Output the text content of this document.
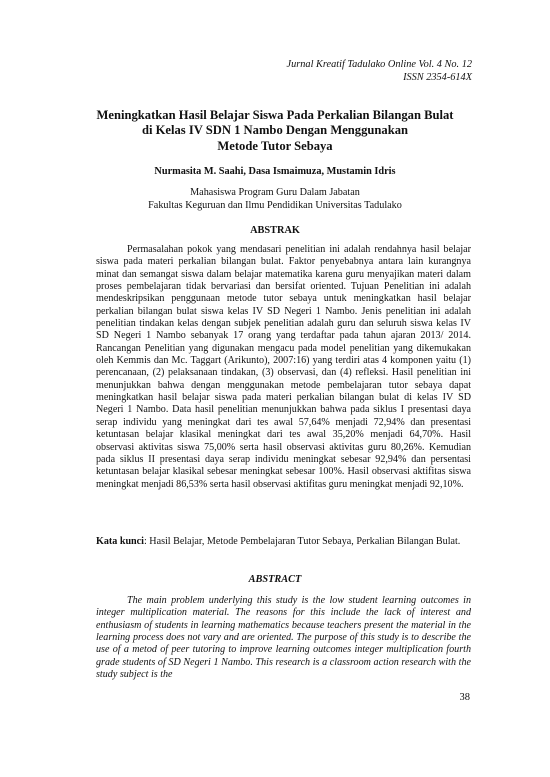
Jurnal Kreatif Tadulako Online Vol. 4 No. 12
ISSN 2354-614X
Meningkatkan Hasil Belajar Siswa Pada Perkalian Bilangan Bulat
di Kelas IV SDN 1 Nambo Dengan Menggunakan
Metode Tutor Sebaya
Nurmasita M. Saahi, Dasa Ismaimuza, Mustamin Idris
Mahasiswa Program Guru Dalam Jabatan
Fakultas Keguruan dan Ilmu Pendidikan Universitas Tadulako
ABSTRAK

Permasalahan pokok yang mendasari penelitian ini adalah rendahnya hasil belajar siswa pada materi perkalian bilangan bulat. Faktor penyebabnya antara lain kurangnya minat dan semangat siswa dalam belajar matematika karena guru menyajikan materi dalam proses pembelajaran tidak bervariasi dan bersifat oriented. Tujuan Penelitian ini adalah mendeskripsikan penggunaan metode tutor sebaya untuk meningkatkan hasil belajar perkalian bilangan bulat siswa kelas IV SD Negeri 1 Nambo. Jenis penelitian ini adalah penelitian tindakan kelas dengan subjek penelitian adalah guru dan seluruh siswa kelas IV SD Negeri 1 Nambo sebanyak 17 orang yang terdaftar pada tahun ajaran 2013/ 2014. Rancangan Penelitian yang digunakan mengacu pada model penelitian yang dikemukakan oleh Kemmis dan Mc. Taggart (Arikunto), 2007:16) yang terdiri atas 4 komponen yaitu (1) perencanaan, (2) pelaksanaan tindakan, (3) observasi, dan (4) refleksi. Hasil penelitian ini menunjukkan bahwa dengan menggunakan metode pembelajaran tutor sebaya dapat meningkatkan hasil belajar siswa pada materi perkalian bilangan bulat di kelas IV SD Negeri 1 Nambo. Data hasil penelitian menunjukkan bahwa pada siklus I presentasi daya serap individu yang meningkat dari tes awal 57,64% menjadi 72,94% dan presentasi ketuntasan belajar klasikal meningkat dari tes awal 35,20% menjadi 64,70%. Hasil observasi aktivitas siswa 75,00% serta hasil observasi aktivitas guru 80,26%. Kemudian pada siklus II presentasi daya serap individu meningkat sebesar 92,94% dan persentasi ketuntasan belajar klasikal sebesar meningkat sebesar 100%. Hasil observasi aktifitas siswa meningkat menjadi 86,53% serta hasil observasi aktifitas guru meningkat menjadi 92,10%.

Kata kunci: Hasil Belajar, Metode Pembelajaran Tutor Sebaya, Perkalian Bilangan Bulat.

ABSTRACT

The main problem underlying this study is the low student learning outcomes in integer multiplication material. The reasons for this include the lack of interest and enthusiasm of students in learning mathematics because teachers present the material in the learning process does not vary and are oriented. The purpose of this study is to describe the use of a metod of peer tutoring to improve learning outcomes integer multiplication fourth grade students of SD Negeri 1 Nambo. This research is a classroom action research with the study subject is the

38
